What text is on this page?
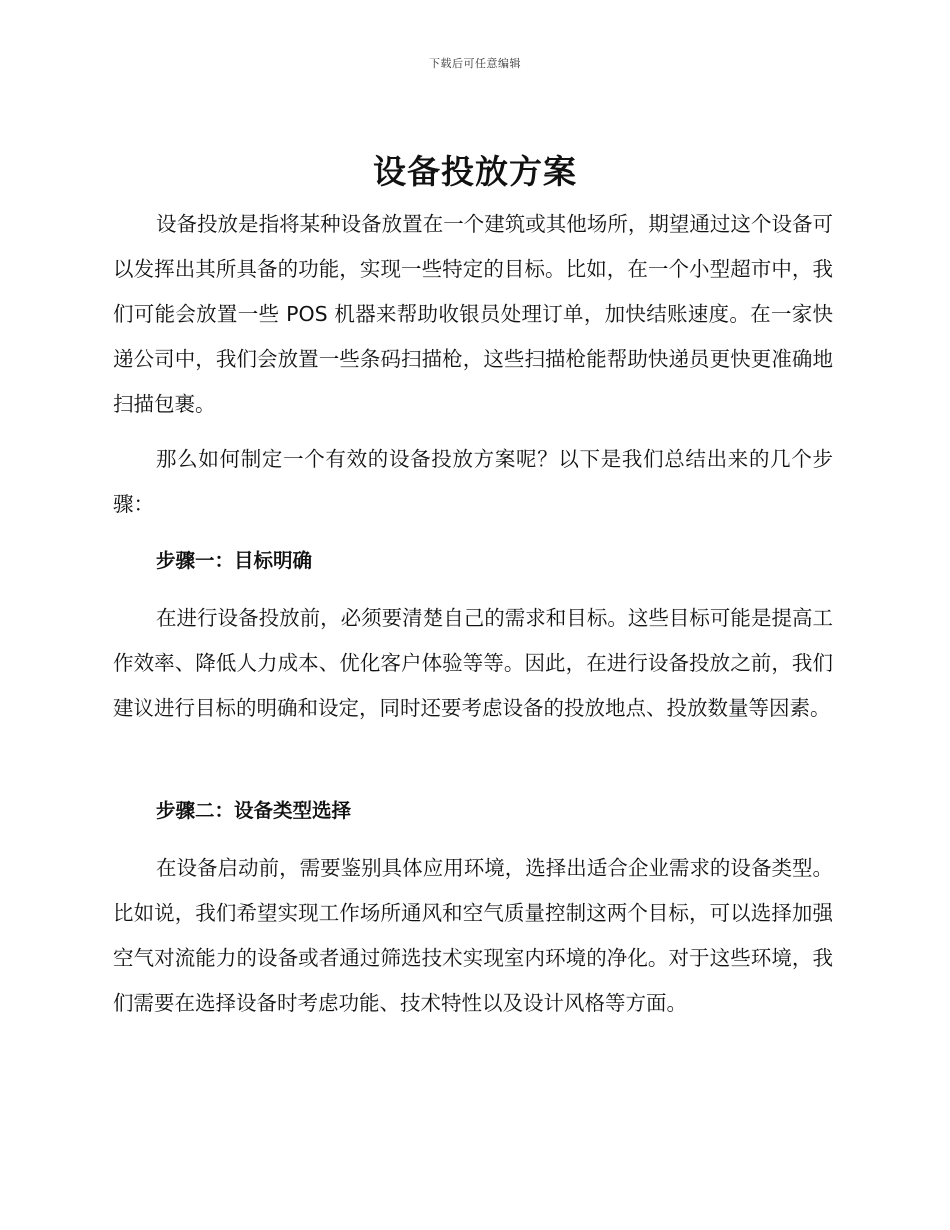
下载后可任意编辑
设备投放方案

设备投放是指将某种设备放置在一个建筑或其他场所，期望通过这个设备可以发挥出其所具备的功能，实现一些特定的目标。比如，在一个小型超市中，我们可能会放置一些 POS 机器来帮助收银员处理订单，加快结账速度。在一家快递公司中，我们会放置一些条码扫描枪，这些扫描枪能帮助快递员更快更准确地扫描包裹。

那么如何制定一个有效的设备投放方案呢？以下是我们总结出来的几个步骤：

步骤一：目标明确

在进行设备投放前，必须要清楚自己的需求和目标。这些目标可能是提高工作效率、降低人力成本、优化客户体验等等。因此，在进行设备投放之前，我们建议进行目标的明确和设定，同时还要考虑设备的投放地点、投放数量等因素。

步骤二：设备类型选择

在设备启动前，需要鉴别具体应用环境，选择出适合企业需求的设备类型。比如说，我们希望实现工作场所通风和空气质量控制这两个目标，可以选择加强空气对流能力的设备或者通过筛选技术实现室内环境的净化。对于这些环境，我们需要在选择设备时考虑功能、技术特性以及设计风格等方面。
